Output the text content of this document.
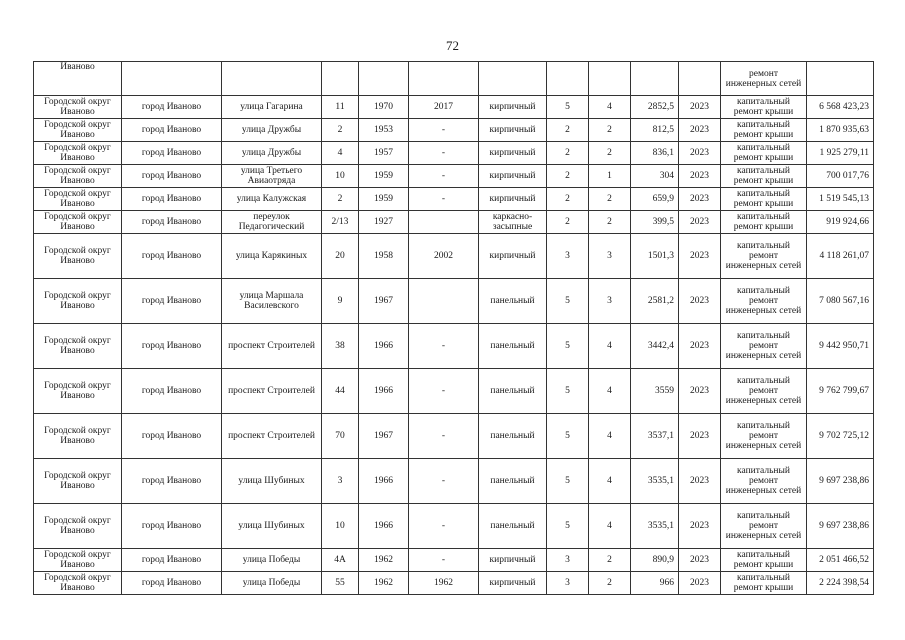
72
Иваново											ремонт инженерных сетей	
Городской округ Иваново	город Иваново	улица Гагарина	11	1970	2017	кирпичный	5	4	2852,5	2023	капитальный ремонт крыши	6 568 423,23
Городской округ Иваново	город Иваново	улица Дружбы	2	1953	-	кирпичный	2	2	812,5	2023	капитальный ремонт крыши	1 870 935,63
Городской округ Иваново	город Иваново	улица Дружбы	4	1957	-	кирпичный	2	2	836,1	2023	капитальный ремонт крыши	1 925 279,11
Городской округ Иваново	город Иваново	улица Третьего Авиаотряда	10	1959	-	кирпичный	2	1	304	2023	капитальный ремонт крыши	700 017,76
Городской округ Иваново	город Иваново	улица Калужская	2	1959	-	кирпичный	2	2	659,9	2023	капитальный ремонт крыши	1 519 545,13
Городской округ Иваново	город Иваново	переулок Педагогический	2/13	1927		каркасно-засыпные	2	2	399,5	2023	капитальный ремонт крыши	919 924,66
Городской округ Иваново	город Иваново	улица Карякиных	20	1958	2002	кирпичный	3	3	1501,3	2023	капитальный ремонт инженерных сетей	4 118 261,07
Городской округ Иваново	город Иваново	улица Маршала Василевского	9	1967		панельный	5	3	2581,2	2023	капитальный ремонт инженерных сетей	7 080 567,16
Городской округ Иваново	город Иваново	проспект Строителей	38	1966	-	панельный	5	4	3442,4	2023	капитальный ремонт инженерных сетей	9 442 950,71
Городской округ Иваново	город Иваново	проспект Строителей	44	1966	-	панельный	5	4	3559	2023	капитальный ремонт инженерных сетей	9 762 799,67
Городской округ Иваново	город Иваново	проспект Строителей	70	1967	-	панельный	5	4	3537,1	2023	капитальный ремонт инженерных сетей	9 702 725,12
Городской округ Иваново	город Иваново	улица Шубиных	3	1966	-	панельный	5	4	3535,1	2023	капитальный ремонт инженерных сетей	9 697 238,86
Городской округ Иваново	город Иваново	улица Шубиных	10	1966	-	панельный	5	4	3535,1	2023	капитальный ремонт инженерных сетей	9 697 238,86
Городской округ Иваново	город Иваново	улица Победы	4А	1962	-	кирпичный	3	2	890,9	2023	капитальный ремонт крыши	2 051 466,52
Городской округ Иваново	город Иваново	улица Победы	55	1962	1962	кирпичный	3	2	966	2023	капитальный ремонт крыши	2 224 398,54
